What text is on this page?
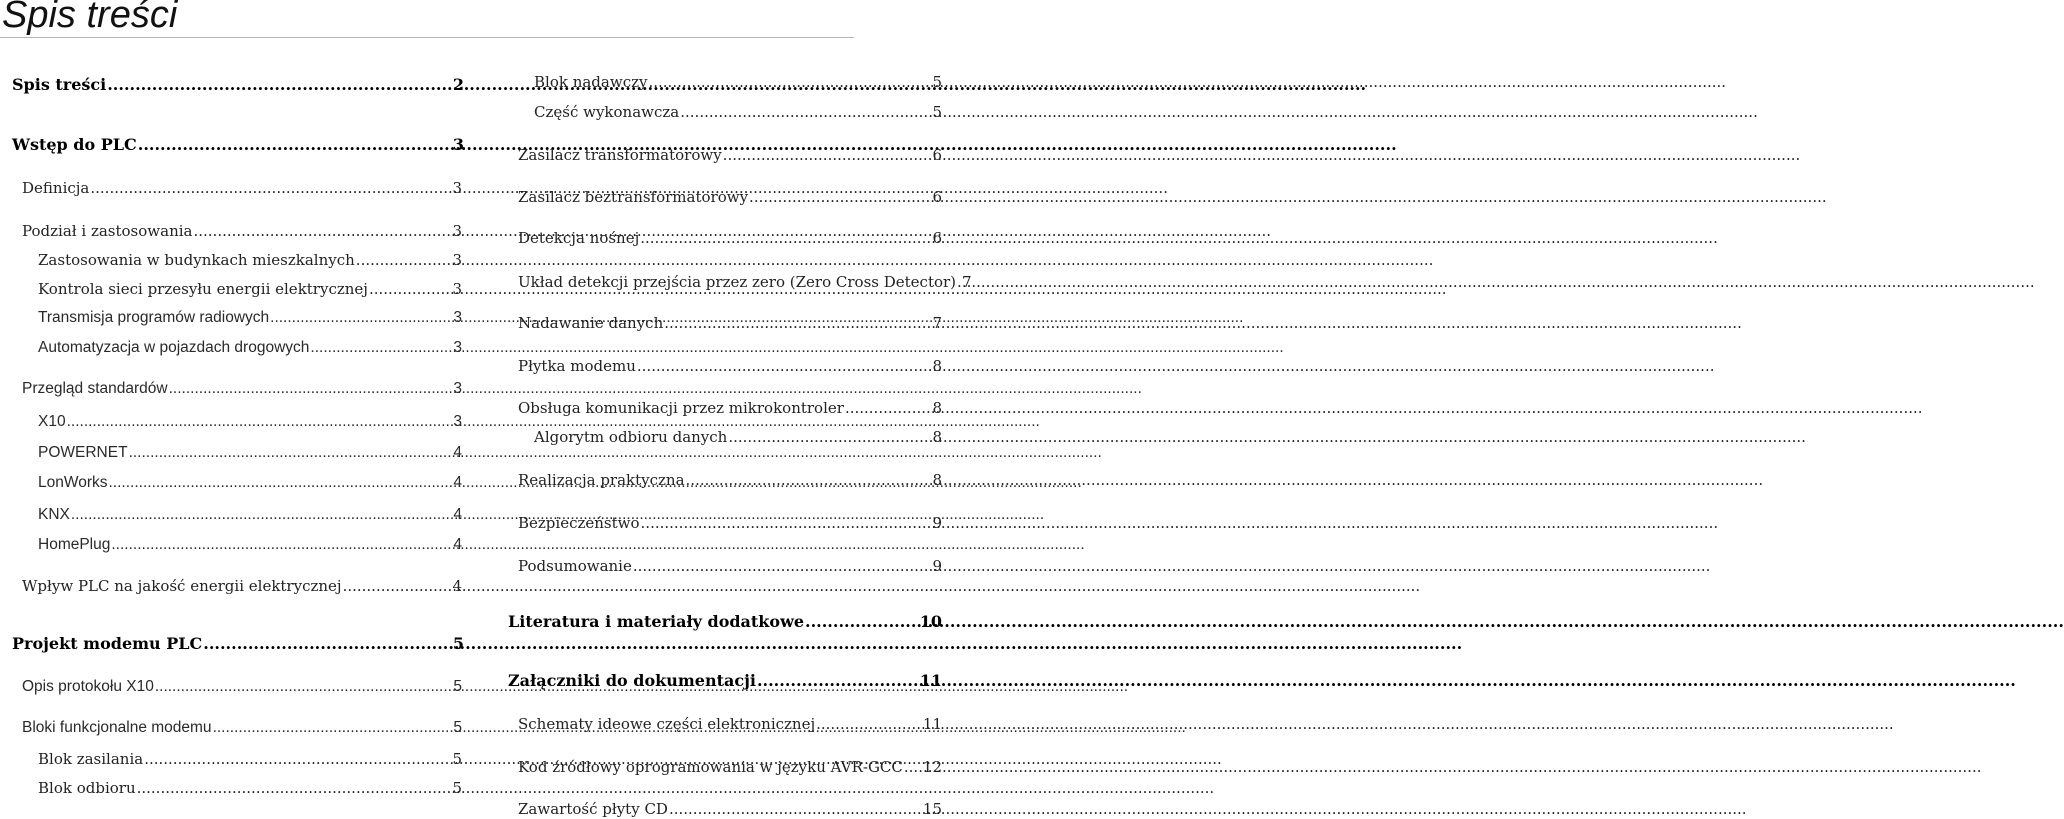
Spis treści
Spis treści .....	2
Wstęp do PLC .....	3
Definicja .....	3
Podział i zastosowania .....	3
Zastosowania w budynkach mieszkalnych .....	3
Kontrola sieci przesyłu energii elektrycznej .....	3
Transmisja programów radiowych .....	3
Automatyzacja w pojazdach drogowych .....	3
Przegląd standardów .....	3
X10 .....	3
POWERNET .....	4
LonWorks .....	4
KNX .....	4
HomePlug .....	4
Wpływ PLC na jakość energii elektrycznej .....	4
Projekt modemu PLC .....	5
Opis protokołu X10 .....	5
Bloki funkcjonalne modemu .....	5
Blok zasilania .....	5
Blok odbioru .....	5
Blok nadawczy .....	5
Część wykonawcza .....	5
Zasilacz transformatorowy .....	6
Zasilacz beztransformatorowy .....	6
Detekcja nośnej .....	6
Układ detekcji przejścia przez zero (Zero Cross Detector) ..... 7
Nadawanie danych .....	7
Płytka modemu .....	8
Obsługa komunikacji przez mikrokontroler .....	8
Algorytm odbioru danych .....	8
Realizacja praktyczna .....	8
Bezpieczeństwo .....	9
Podsumowanie .....	9
Literatura i materiały dodatkowe .....	10
Załączniki do dokumentacji .....	11
Schematy ideowe części elektronicznej .....	11
Kod źródłowy oprogramowania w języku AVR-GCC ..... 12
Zawartość płyty CD .....	15
